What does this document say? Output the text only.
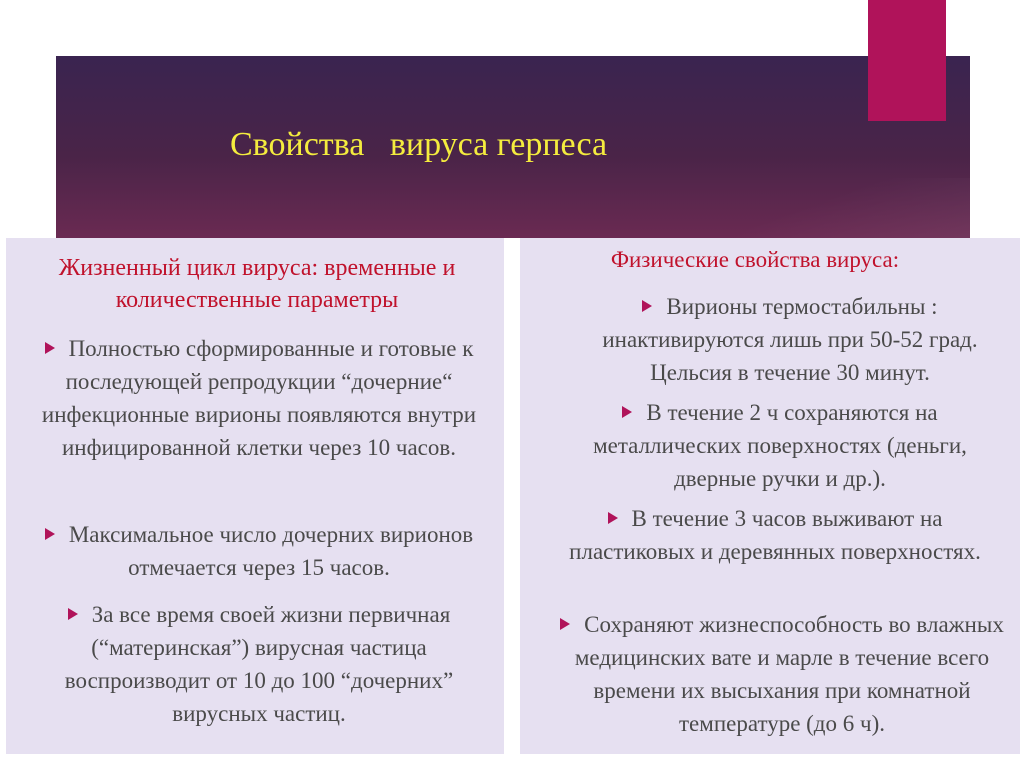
Свойства   вируса герпеса
Жизненный цикл вируса: временные и количественные параметры

Полностью сформированные и готовые к последующей репродукции “дочерние“ инфекционные вирионы появляются внутри инфицированной клетки через 10 часов.

Максимальное число дочерних вирионов отмечается через 15 часов.

За все время своей жизни первичная (“материнская”) вирусная частица воспроизводит от 10 до 100 “дочерних” вирусных частиц.

Физические свойства вируса:

Вирионы термостабильны : инактивируются лишь при 50-52 град. Цельсия в течение 30 минут.

В течение 2 ч сохраняются на металлических поверхностях (деньги, дверные ручки и др.).

В течение 3 часов выживают на пластиковых и деревянных поверхностях.

Сохраняют жизнеспособность во влажных медицинских вате и марле в течение всего времени их высыхания при комнатной температуре (до 6 ч).
